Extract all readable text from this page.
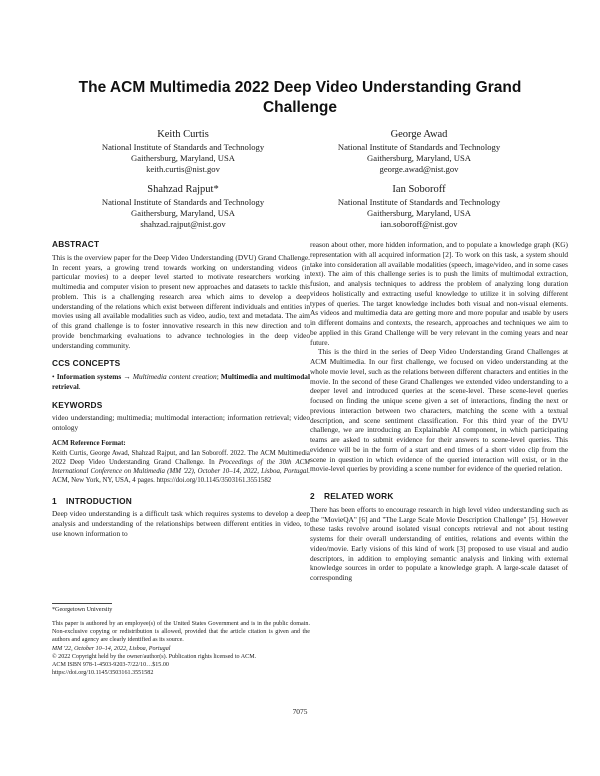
The ACM Multimedia 2022 Deep Video Understanding Grand Challenge
Keith Curtis
National Institute of Standards and Technology
Gaithersburg, Maryland, USA
keith.curtis@nist.gov
George Awad
National Institute of Standards and Technology
Gaithersburg, Maryland, USA
george.awad@nist.gov
Shahzad Rajput*
National Institute of Standards and Technology
Gaithersburg, Maryland, USA
shahzad.rajput@nist.gov
Ian Soboroff
National Institute of Standards and Technology
Gaithersburg, Maryland, USA
ian.soboroff@nist.gov
ABSTRACT

This is the overview paper for the Deep Video Understanding (DVU) Grand Challenge. In recent years, a growing trend towards working on understanding videos (in particular movies) to a deeper level started to motivate researchers working in multimedia and computer vision to present new approaches and datasets to tackle this problem. This is a challenging research area which aims to develop a deep understanding of the relations which exist between different individuals and entities in movies using all available modalities such as video, audio, text and metadata. The aim of this grand challenge is to foster innovative research in this new direction and to provide benchmarking evaluations to advance technologies in the deep video understanding community.

CCS CONCEPTS

• Information systems → Multimedia content creation; Multimedia and multimodal retrieval.

KEYWORDS

video understanding; multimedia; multimodal interaction; information retrieval; video ontology

ACM Reference Format:

Keith Curtis, George Awad, Shahzad Rajput, and Ian Soboroff. 2022. The ACM Multimedia 2022 Deep Video Understanding Grand Challenge. In Proceedings of the 30th ACM International Conference on Multimedia (MM '22), October 10–14, 2022, Lisboa, Portugal. ACM, New York, NY, USA, 4 pages. https://doi.org/10.1145/3503161.3551582

1 INTRODUCTION

Deep video understanding is a difficult task which requires systems to develop a deep analysis and understanding of the relationships between different entities in video, to use known information to

*Georgetown University

This paper is authored by an employee(s) of the United States Government and is in the public domain. Non-exclusive copying or redistribution is allowed, provided that the article citation is given and the authors and agency are clearly identified as its source.

MM '22, October 10–14, 2022, Lisboa, Portugal

© 2022 Copyright held by the owner/author(s). Publication rights licensed to ACM.

ACM ISBN 978-1-4503-9203-7/22/10…$15.00

https://doi.org/10.1145/3503161.3551582

reason about other, more hidden information, and to populate a knowledge graph (KG) representation with all acquired information [2]. To work on this task, a system should take into consideration all available modalities (speech, image/video, and in some cases text). The aim of this challenge series is to push the limits of multimodal extraction, fusion, and analysis techniques to address the problem of analyzing long duration videos holistically and extracting useful knowledge to utilize it in solving different types of queries. The target knowledge includes both visual and non-visual elements. As videos and multimedia data are getting more and more popular and usable by users in different domains and contexts, the research, approaches and techniques we aim to be applied in this Grand Challenge will be very relevant in the coming years and near future.

This is the third in the series of Deep Video Understanding Grand Challenges at ACM Multimedia. In our first challenge, we focused on video understanding at the whole movie level, such as the relations between different characters and entities in the movie. In the second of these Grand Challenges we extended video understanding to a deeper level and introduced queries at the scene-level. These scene-level queries focused on finding the unique scene given a set of interactions, finding the next or previous interaction between two characters, matching the scene with a textual description, and scene sentiment classification. For this third year of the DVU challenge, we are introducing an Explainable AI component, in which participating teams are asked to submit evidence for their answers to scene-level queries. This evidence will be in the form of a start and end times of a short video clip from the scene in question in which evidence of the queried interaction will exist, or in the movie-level queries by providing a scene number for evidence of the queried relation.

2 RELATED WORK

There has been efforts to encourage research in high level video understanding such as the "MovieQA" [6] and "The Large Scale Movie Description Challenge" [5]. However these tasks revolve around isolated visual concepts retrieval and not about testing systems for their overall understanding of entities, relations and events within the video/movie. Early visions of this kind of work [3] proposed to use visual and audio descriptors, in addition to employing semantic analysis and linking with external knowledge sources in order to populate a knowledge graph. A large-scale dataset of corresponding

7075
